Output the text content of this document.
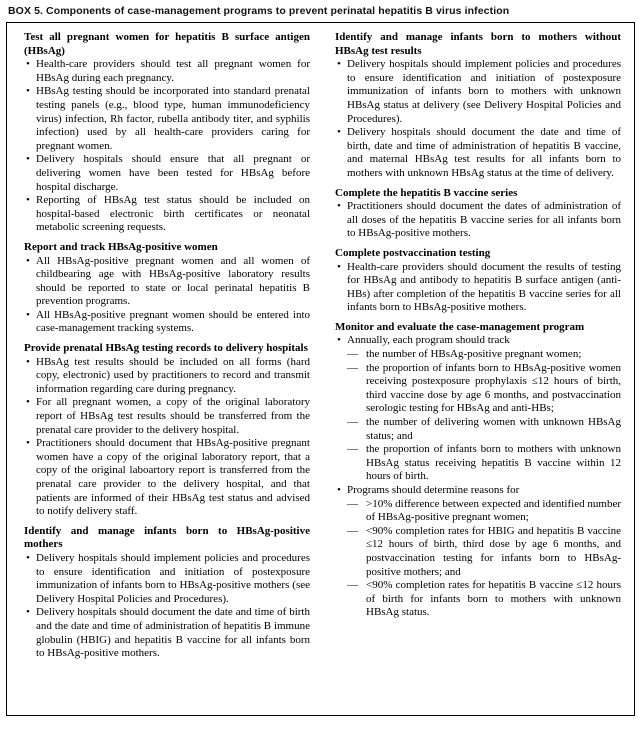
BOX 5. Components of case-management programs to prevent perinatal hepatitis B virus infection
Test all pregnant women for hepatitis B surface antigen (HBsAg)
• Health-care providers should test all pregnant women for HBsAg during each pregnancy.
• HBsAg testing should be incorporated into standard prenatal testing panels (e.g., blood type, human immunodeficiency virus) infection, Rh factor, rubella antibody titer, and syphilis infection) used by all health-care providers caring for pregnant women.
• Delivery hospitals should ensure that all pregnant or delivering women have been tested for HBsAg before hospital discharge.
• Reporting of HBsAg test status should be included on hospital-based electronic birth certificates or neonatal metabolic screening requests.
Report and track HBsAg-positive women
• All HBsAg-positive pregnant women and all women of childbearing age with HBsAg-positive laboratory results should be reported to state or local perinatal hepatitis B prevention programs.
• All HBsAg-positive pregnant women should be entered into case-management tracking systems.
Provide prenatal HBsAg testing records to delivery hospitals
• HBsAg test results should be included on all forms (hard copy, electronic) used by practitioners to record and transmit information regarding care during pregnancy.
• For all pregnant women, a copy of the original laboratory report of HBsAg test results should be transferred from the prenatal care provider to the delivery hospital.
• Practitioners should document that HBsAg-positive pregnant women have a copy of the original laboratory report, that a copy of the original laboartory report is transferred from the prenatal care provider to the delivery hospital, and that patients are informed of their HBsAg test status and advised to notify delivery staff.
Identify and manage infants born to HBsAg-positive mothers
• Delivery hospitals should implement policies and procedures to ensure identification and initiation of postexposure immunization of infants born to HBsAg-positive mothers (see Delivery Hospital Policies and Procedures).
• Delivery hospitals should document the date and time of birth and the date and time of administration of hepatitis B immune globulin (HBIG) and hepatitis B vaccine for all infants born to HBsAg-positive mothers.
Identify and manage infants born to mothers without HBsAg test results
• Delivery hospitals should implement policies and procedures to ensure identification and initiation of postexposure immunization of infants born to mothers with unknown HBsAg status at delivery (see Delivery Hospital Policies and Procedures).
• Delivery hospitals should document the date and time of birth, date and time of administration of hepatitis B vaccine, and maternal HBsAg test results for all infants born to mothers with unknown HBsAg status at the time of delivery.
Complete the hepatitis B vaccine series
• Practitioners should document the dates of administration of all doses of the hepatitis B vaccine series for all infants born to HBsAg-positive mothers.
Complete postvaccination testing
• Health-care providers should document the results of testing for HBsAg and antibody to hepatitis B surface antigen (anti-HBs) after completion of the hepatitis B vaccine series for all infants born to HBsAg-positive mothers.
Monitor and evaluate the case-management program
• Annually, each program should track
— the number of HBsAg-positive pregnant women;
— the proportion of infants born to HBsAg-positive women receiving postexposure prophylaxis ≤12 hours of birth, third vaccine dose by age 6 months, and postvaccination serologic testing for HBsAg and anti-HBs;
— the number of delivering women with unknown HBsAg status; and
— the proportion of infants born to mothers with unknown HBsAg status receiving hepatitis B vaccine within 12 hours of birth.
• Programs should determine reasons for
— >10% difference between expected and identified number of HBsAg-positive pregnant women;
— <90% completion rates for HBIG and hepatitis B vaccine ≤12 hours of birth, third dose by age 6 months, and postvaccination testing for infants born to HBsAg-positive mothers; and
— <90% completion rates for hepatitis B vaccine ≤12 hours of birth for infants born to mothers with unknown HBsAg status.
